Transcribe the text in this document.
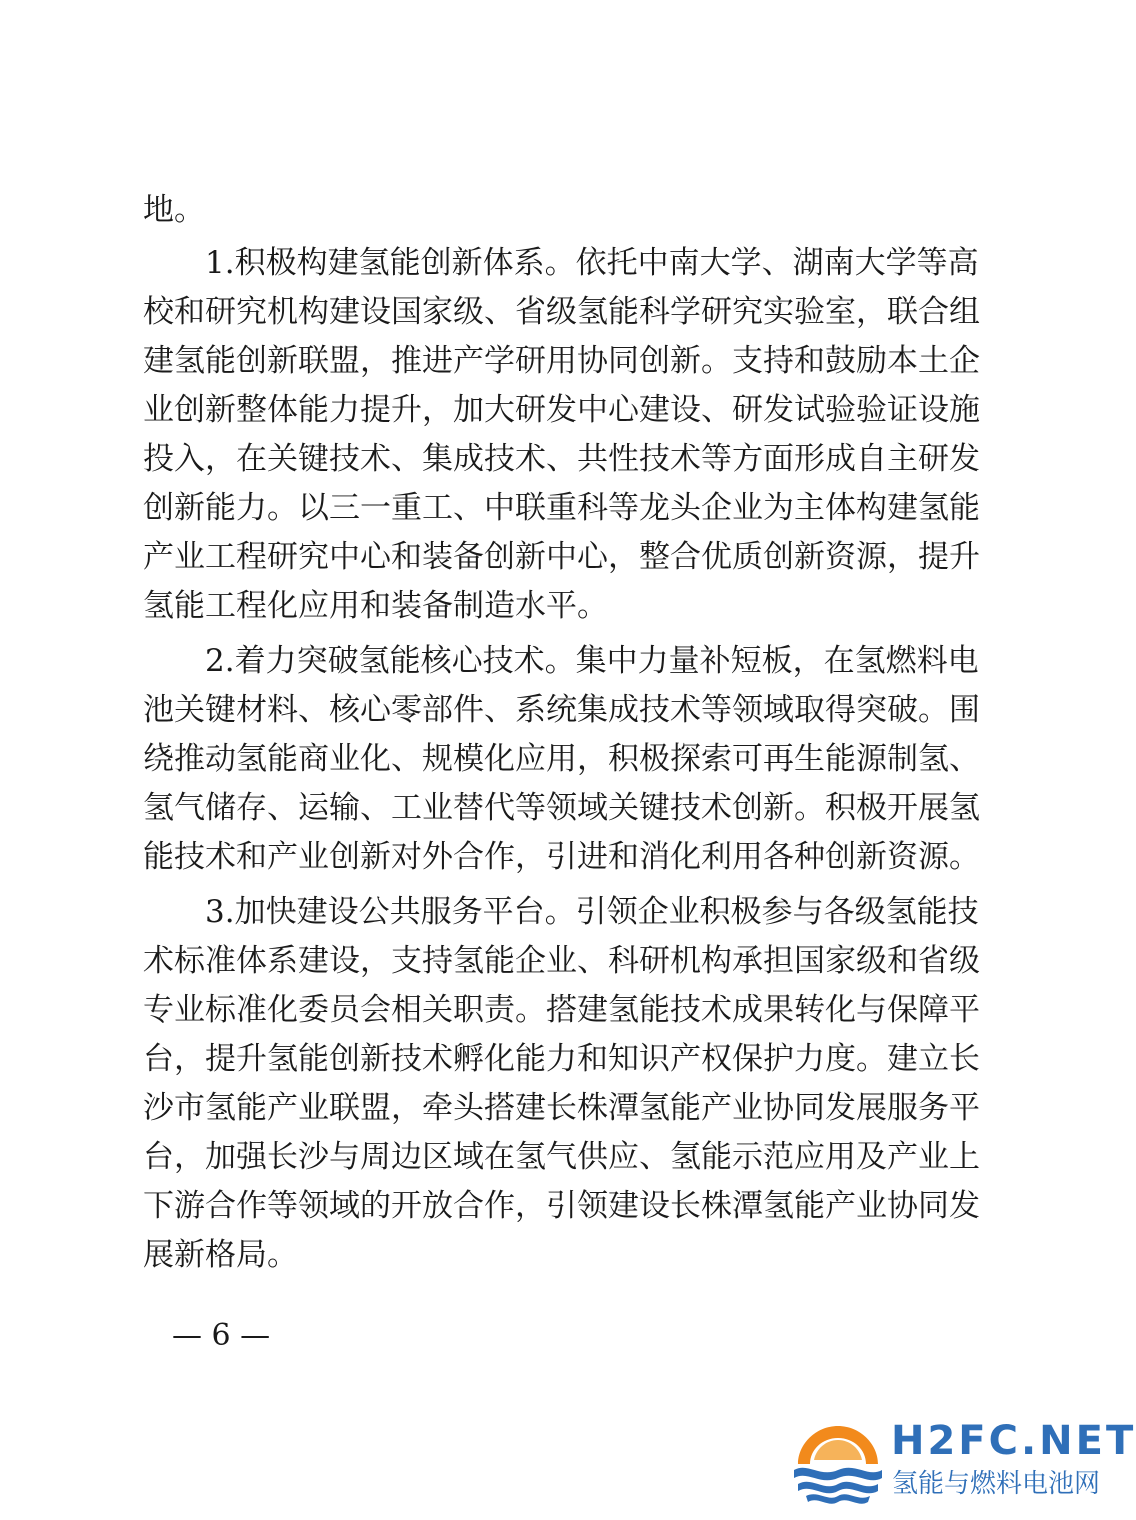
地。
1.积极构建氢能创新体系。依托中南大学、湖南大学等高
校和研究机构建设国家级、省级氢能科学研究实验室，联合组
建氢能创新联盟，推进产学研用协同创新。支持和鼓励本土企
业创新整体能力提升，加大研发中心建设、研发试验验证设施
投入，在关键技术、集成技术、共性技术等方面形成自主研发
创新能力。以三一重工、中联重科等龙头企业为主体构建氢能
产业工程研究中心和装备创新中心，整合优质创新资源，提升
氢能工程化应用和装备制造水平。
2.着力突破氢能核心技术。集中力量补短板，在氢燃料电
池关键材料、核心零部件、系统集成技术等领域取得突破。围
绕推动氢能商业化、规模化应用，积极探索可再生能源制氢、
氢气储存、运输、工业替代等领域关键技术创新。积极开展氢
能技术和产业创新对外合作，引进和消化利用各种创新资源。
3.加快建设公共服务平台。引领企业积极参与各级氢能技
术标准体系建设，支持氢能企业、科研机构承担国家级和省级
专业标准化委员会相关职责。搭建氢能技术成果转化与保障平
台，提升氢能创新技术孵化能力和知识产权保护力度。建立长
沙市氢能产业联盟，牵头搭建长株潭氢能产业协同发展服务平
台，加强长沙与周边区域在氢气供应、氢能示范应用及产业上
下游合作等领域的开放合作，引领建设长株潭氢能产业协同发
展新格局。
— 6 —
H2FC.NET
氢能与燃料电池网
